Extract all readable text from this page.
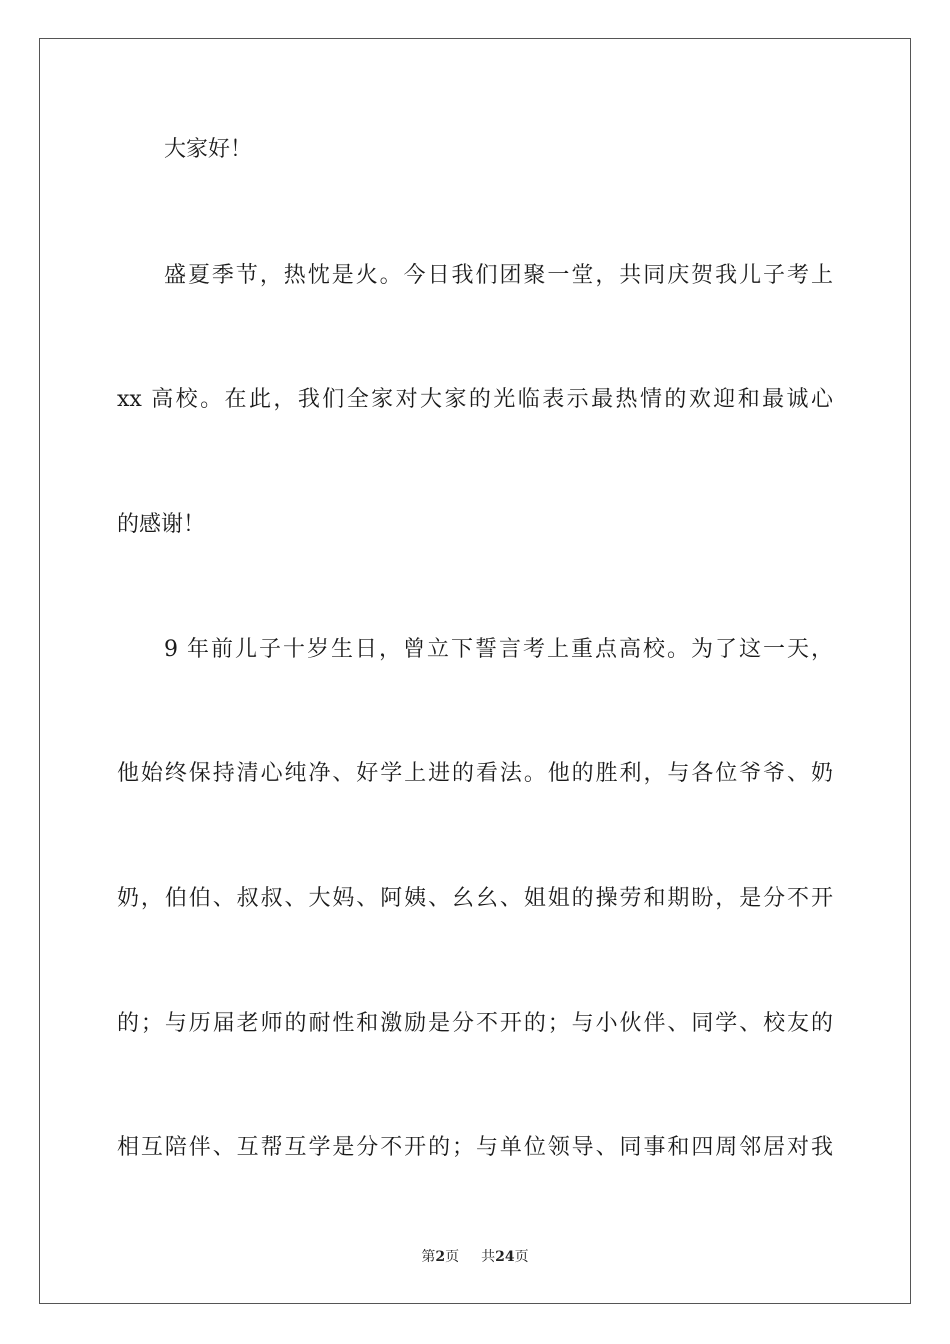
大家好！
盛夏季节，热忱是火。今日我们团聚一堂，共同庆贺我儿子考上
xx 高校。在此，我们全家对大家的光临表示最热情的欢迎和最诚心
的感谢！
9 年前儿子十岁生日，曾立下誓言考上重点高校。为了这一天，
他始终保持清心纯净、好学上进的看法。他的胜利，与各位爷爷、奶
奶，伯伯、叔叔、大妈、阿姨、幺幺、姐姐的操劳和期盼，是分不开
的；与历届老师的耐性和激励是分不开的；与小伙伴、同学、校友的
相互陪伴、互帮互学是分不开的；与单位领导、同事和四周邻居对我
第2页 共24页
